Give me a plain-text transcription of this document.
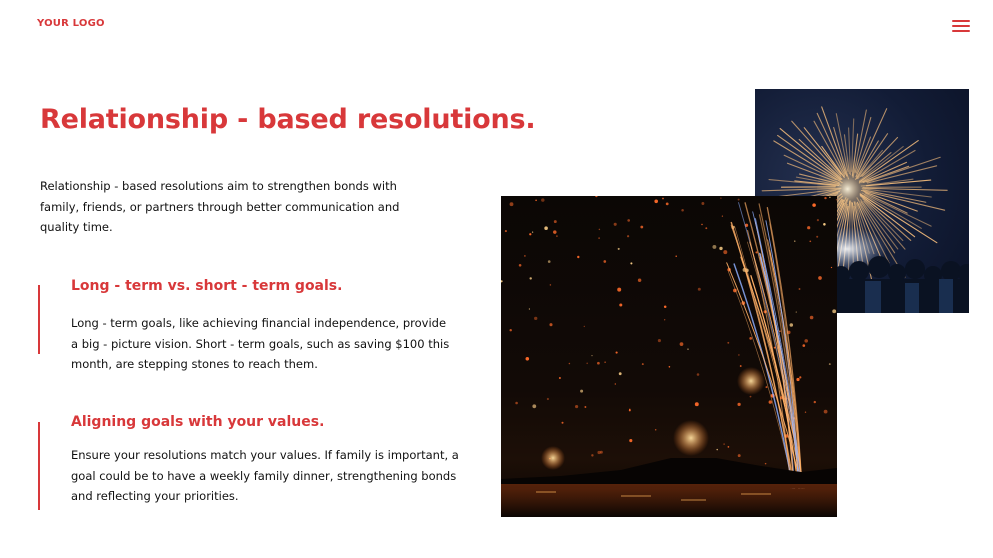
YOUR LOGO
Relationship - based resolutions.

Relationship - based resolutions aim to strengthen bonds with family, friends, or partners through better communication and quality time.

Long - term vs. short - term goals.

Long - term goals, like achieving financial independence, provide a big - picture vision. Short - term goals, such as saving $100 this month, are stepping stones to reach them.

Aligning goals with your values.

Ensure your resolutions match your values. If family is important, a goal could be to have a weekly family dinner, strengthening bonds and reflecting your priorities.
